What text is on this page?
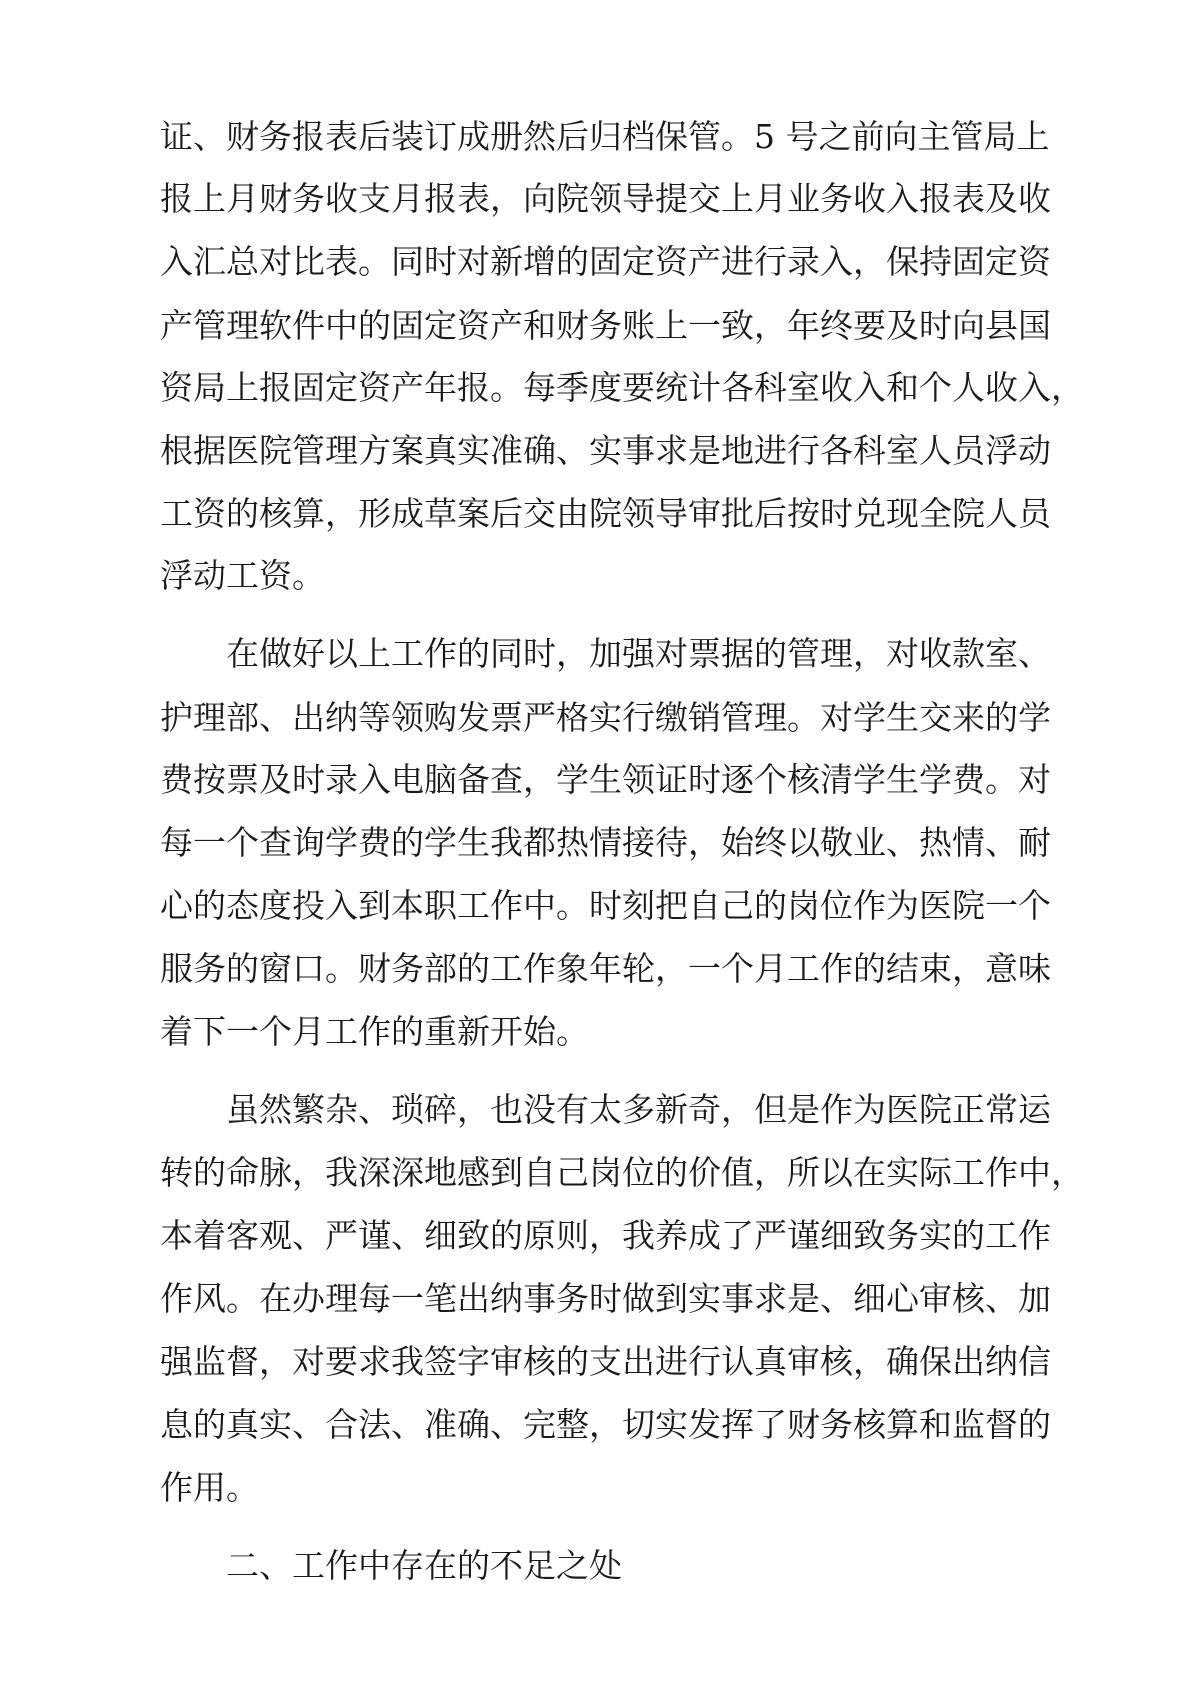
证、财务报表后装订成册然后归档保管。5 号之前向主管局上
报上月财务收支月报表，向院领导提交上月业务收入报表及收
入汇总对比表。同时对新增的固定资产进行录入，保持固定资
产管理软件中的固定资产和财务账上一致，年终要及时向县国
资局上报固定资产年报。每季度要统计各科室收入和个人收入，
根据医院管理方案真实准确、实事求是地进行各科室人员浮动
工资的核算，形成草案后交由院领导审批后按时兑现全院人员
浮动工资。
在做好以上工作的同时，加强对票据的管理，对收款室、
护理部、出纳等领购发票严格实行缴销管理。对学生交来的学
费按票及时录入电脑备查，学生领证时逐个核清学生学费。对
每一个查询学费的学生我都热情接待，始终以敬业、热情、耐
心的态度投入到本职工作中。时刻把自己的岗位作为医院一个
服务的窗口。财务部的工作象年轮，一个月工作的结束，意味
着下一个月工作的重新开始。
虽然繁杂、琐碎，也没有太多新奇，但是作为医院正常运
转的命脉，我深深地感到自己岗位的价值，所以在实际工作中，
本着客观、严谨、细致的原则，我养成了严谨细致务实的工作
作风。在办理每一笔出纳事务时做到实事求是、细心审核、加
强监督，对要求我签字审核的支出进行认真审核，确保出纳信
息的真实、合法、准确、完整，切实发挥了财务核算和监督的
作用。
二、工作中存在的不足之处
